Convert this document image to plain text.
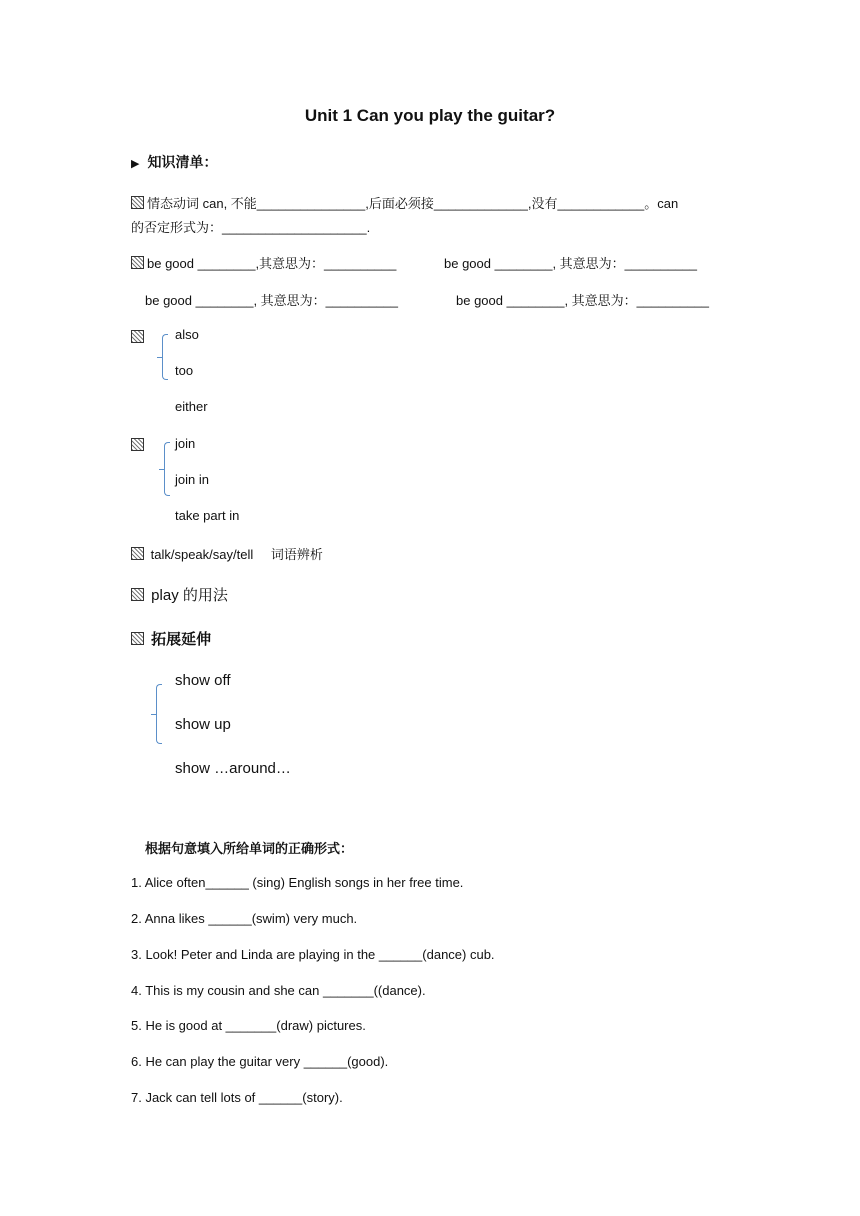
Unit 1 Can you play the guitar?
▶ 知识清单：
情态动词 can, 不能_______________,后面必须接_____________,没有____________。can
的否定形式为：____________________.
be good ________,其意思为：__________	be good ________, 其意思为：__________
be good ________, 其意思为：__________	be good ________, 其意思为：__________
also
too
either
join
join in
take part in
talk/speak/say/tell 词语辨析
play 的用法
拓展延伸
show off
show up
show …around…
根据句意填入所给单词的正确形式：
1. Alice often______ (sing) English songs in her free time.
2. Anna likes ______(swim) very much.
3. Look! Peter and Linda are playing in the ______(dance) cub.
4. This is my cousin and she can _______((dance).
5. He is good at _______(draw) pictures.
6. He can play the guitar very ______(good).
7. Jack can tell lots of ______(story).
